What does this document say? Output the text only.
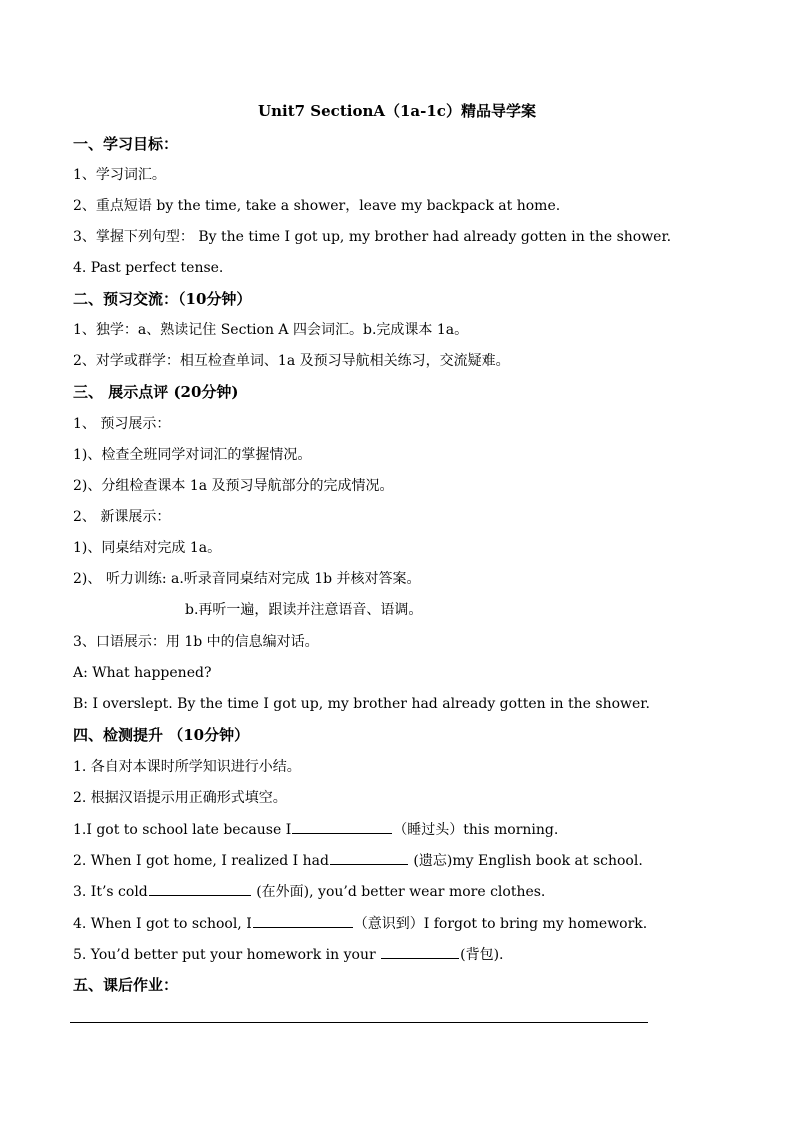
Unit7 SectionA（1a-1c）精品导学案
一、学习目标：
1、学习词汇。
2、重点短语 by the time, take a shower，leave my backpack at home.
3、掌握下列句型： By the time I got up, my brother had already gotten in the shower.
4. Past perfect tense.
二、预习交流：（10分钟）
1、独学：a、熟读记住 Section A 四会词汇。b.完成课本 1a。
2、对学或群学：相互检查单词、1a 及预习导航相关练习，交流疑难。
三、 展示点评 (20分钟)
1、 预习展示：
1)、检查全班同学对词汇的掌握情况。
2)、分组检查课本 1a 及预习导航部分的完成情况。
2、 新课展示：
1)、同桌结对完成 1a。
2)、 听力训练: a.听录音同桌结对完成 1b 并核对答案。
b.再听一遍，跟读并注意语音、语调。
3、口语展示：用 1b 中的信息编对话。
A: What happened?
B: I overslept. By the time I got up, my brother had already gotten in the shower.
四、检测提升 （10分钟）
1. 各自对本课时所学知识进行小结。
2. 根据汉语提示用正确形式填空。
1.I got to school late because I	（睡过头）this morning.
2. When I got home, I realized I had	(遗忘)my English book at school.
3. It’s cold	(在外面), you’d better wear more clothes.
4. When I got to school, I	（意识到）I forgot to bring my homework.
5. You’d better put your homework in your	(背包).
五、课后作业：
